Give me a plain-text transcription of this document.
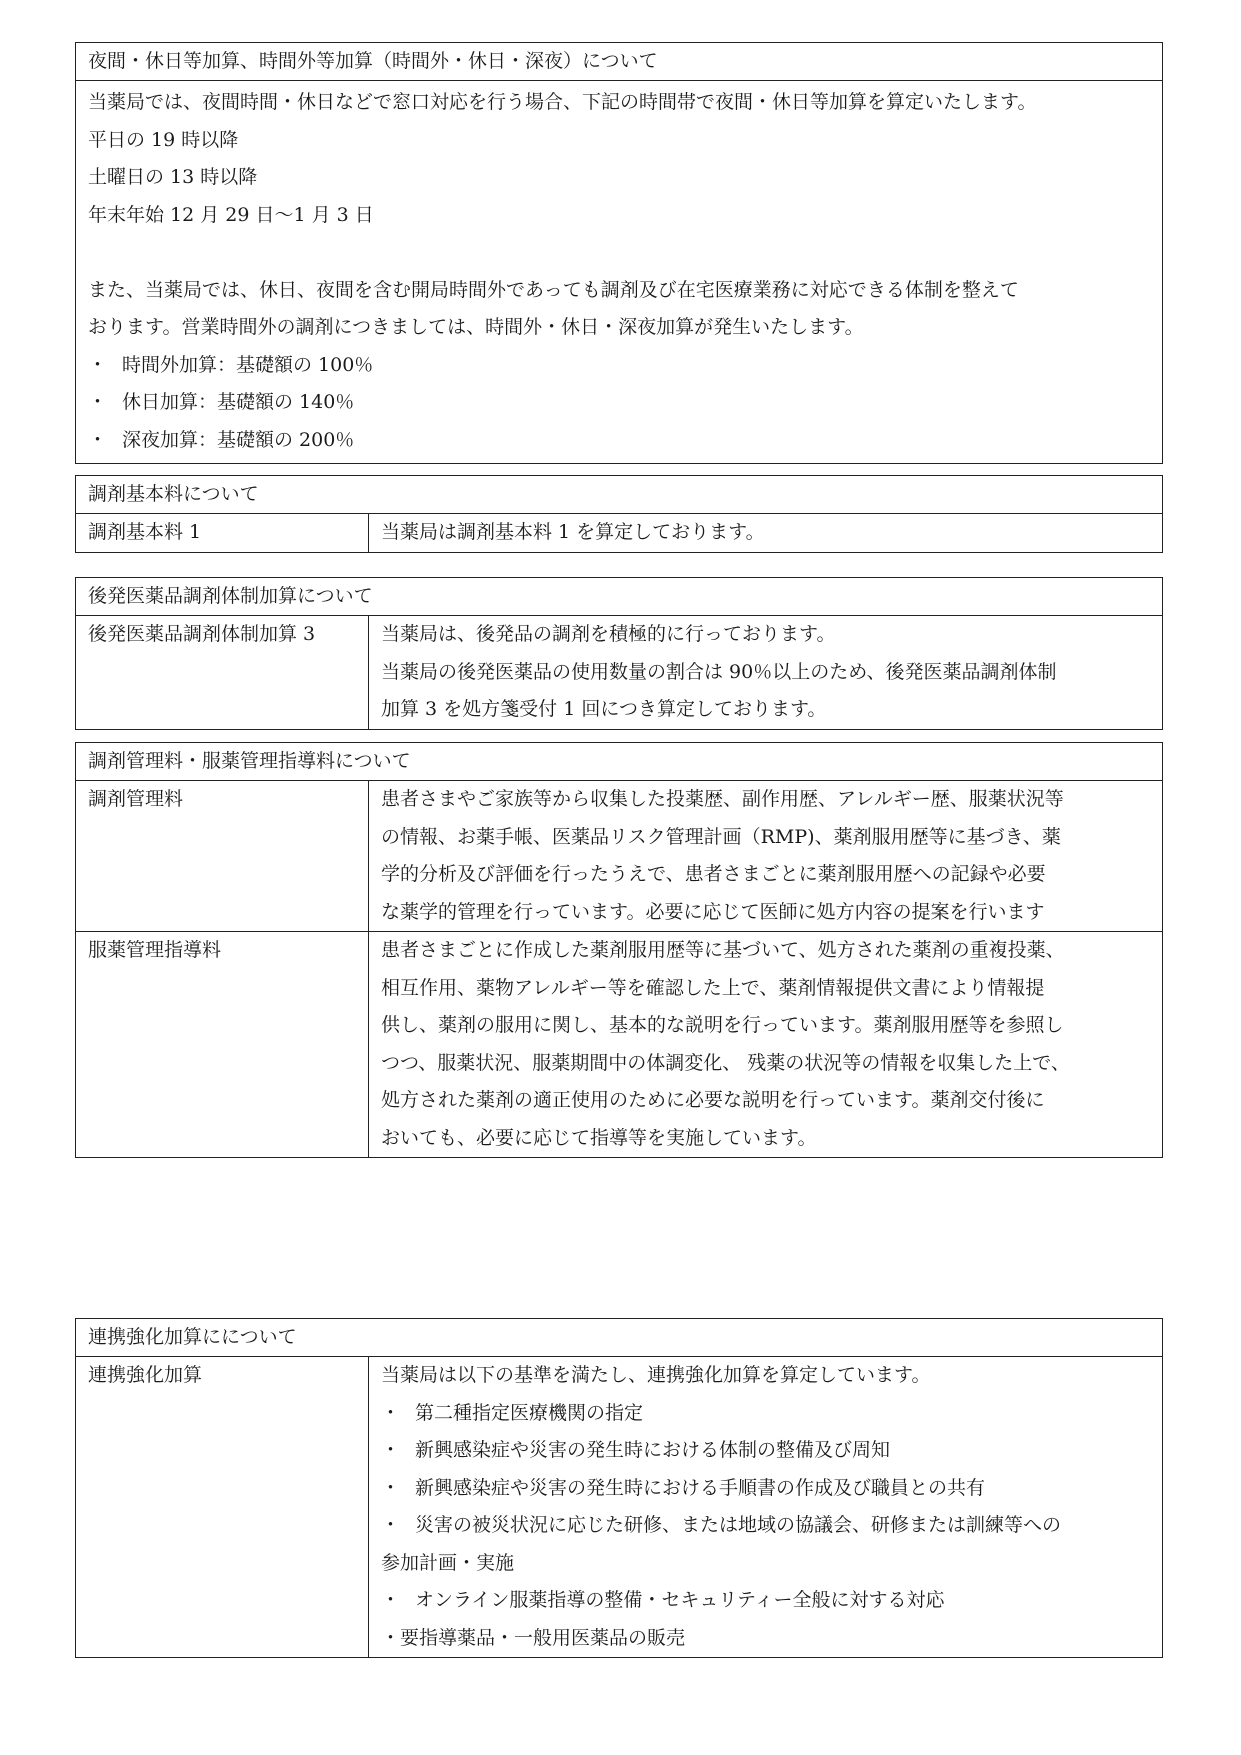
夜間・休日等加算、時間外等加算（時間外・休日・深夜）について
当薬局では、夜間時間・休日などで窓口対応を行う場合、下記の時間帯で夜間・休日等加算を算定いたします。
平日の 19 時以降
土曜日の 13 時以降
年末年始 12 月 29 日〜1 月 3 日
また、当薬局では、休日、夜間を含む開局時間外であっても調剤及び在宅医療業務に対応できる体制を整えて
おります。営業時間外の調剤につきましては、時間外・休日・深夜加算が発生いたします。
・ 時間外加算：基礎額の 100％
・ 休日加算：基礎額の 140％
・ 深夜加算：基礎額の 200％
調剤基本料について
調剤基本料 1	当薬局は調剤基本料 1 を算定しております。
後発医薬品調剤体制加算について
後発医薬品調剤体制加算 3	当薬局は、後発品の調剤を積極的に行っております。
当薬局の後発医薬品の使用数量の割合は 90％以上のため、後発医薬品調剤体制
加算 3 を処方箋受付 1 回につき算定しております。
調剤管理料・服薬管理指導料について
調剤管理料	患者さまやご家族等から収集した投薬歴、副作用歴、アレルギー歴、服薬状況等
の情報、お薬手帳、医薬品リスク管理計画（RMP)、薬剤服用歴等に基づき、薬
学的分析及び評価を行ったうえで、患者さまごとに薬剤服用歴への記録や必要
な薬学的管理を行っています。必要に応じて医師に処方内容の提案を行います
服薬管理指導料	患者さまごとに作成した薬剤服用歴等に基づいて、処方された薬剤の重複投薬、
相互作用、薬物アレルギー等を確認した上で、薬剤情報提供文書により情報提
供し、薬剤の服用に関し、基本的な説明を行っています。薬剤服用歴等を参照し
つつ、服薬状況、服薬期間中の体調変化、 残薬の状況等の情報を収集した上で、
処方された薬剤の適正使用のために必要な説明を行っています。薬剤交付後に
おいても、必要に応じて指導等を実施しています。
連携強化加算にについて
連携強化加算	当薬局は以下の基準を満たし、連携強化加算を算定しています。
・ 第二種指定医療機関の指定
・ 新興感染症や災害の発生時における体制の整備及び周知
・ 新興感染症や災害の発生時における手順書の作成及び職員との共有
・ 災害の被災状況に応じた研修、または地域の協議会、研修または訓練等への
参加計画・実施
・ オンライン服薬指導の整備・セキュリティー全般に対する対応
・要指導薬品・一般用医薬品の販売
